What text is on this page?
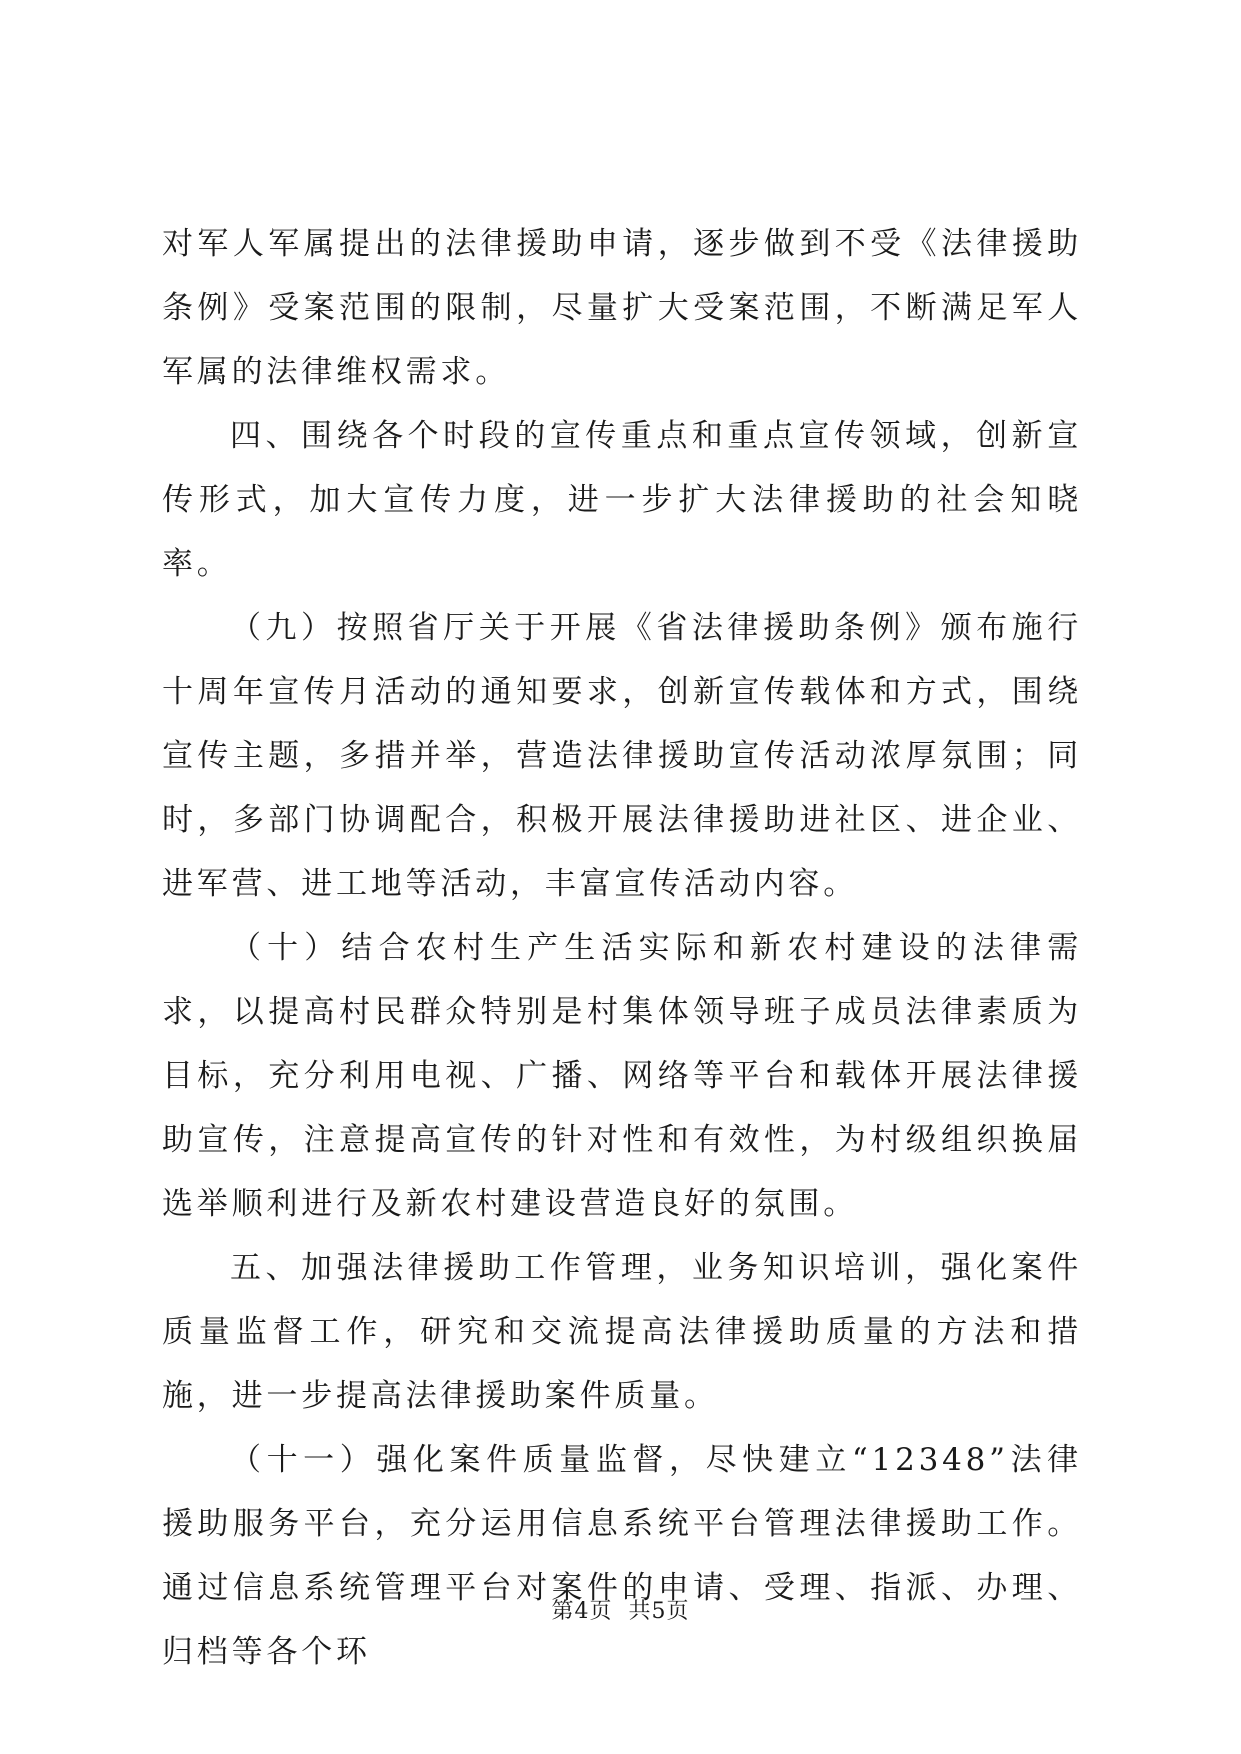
对军人军属提出的法律援助申请，逐步做到不受《法律援助条例》受案范围的限制，尽量扩大受案范围，不断满足军人军属的法律维权需求。

四、围绕各个时段的宣传重点和重点宣传领域，创新宣传形式，加大宣传力度，进一步扩大法律援助的社会知晓率。

（九）按照省厅关于开展《省法律援助条例》颁布施行十周年宣传月活动的通知要求，创新宣传载体和方式，围绕宣传主题，多措并举，营造法律援助宣传活动浓厚氛围；同时，多部门协调配合，积极开展法律援助进社区、进企业、进军营、进工地等活动，丰富宣传活动内容。

（十）结合农村生产生活实际和新农村建设的法律需求，以提高村民群众特别是村集体领导班子成员法律素质为目标，充分利用电视、广播、网络等平台和载体开展法律援助宣传，注意提高宣传的针对性和有效性，为村级组织换届选举顺利进行及新农村建设营造良好的氛围。

五、加强法律援助工作管理，业务知识培训，强化案件质量监督工作，研究和交流提高法律援助质量的方法和措施，进一步提高法律援助案件质量。

（十一）强化案件质量监督，尽快建立“12348”法律援助服务平台，充分运用信息系统平台管理法律援助工作。通过信息系统管理平台对案件的申请、受理、指派、办理、归档等各个环

第4页 共5页
